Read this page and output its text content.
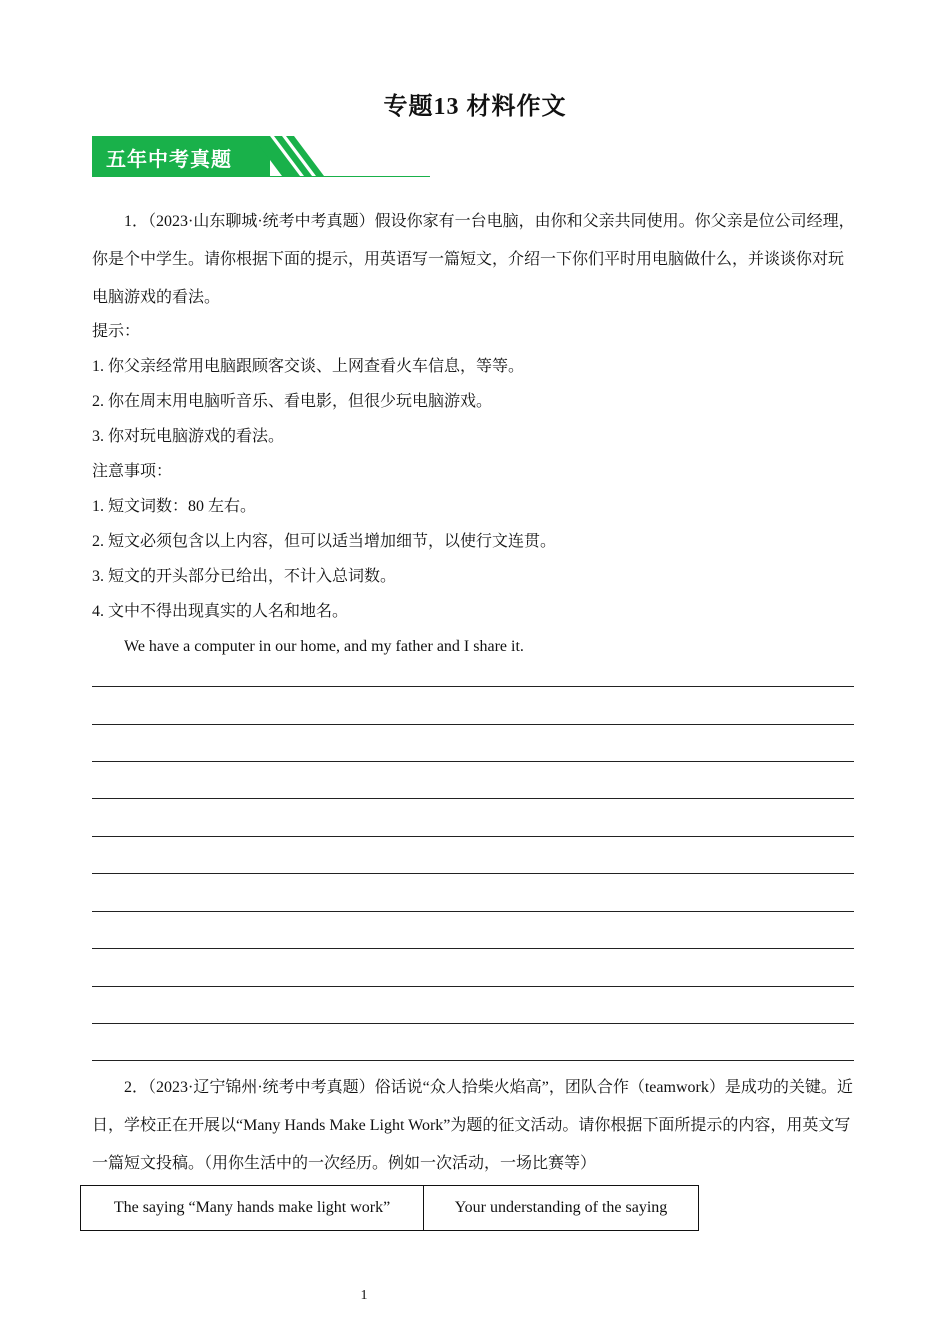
专题13 材料作文
五年中考真题
1．（2023·山东聊城·统考中考真题）假设你家有一台电脑，由你和父亲共同使用。你父亲是位公司经理，你是个中学生。请你根据下面的提示，用英语写一篇短文，介绍一下你们平时用电脑做什么，并谈谈你对玩电脑游戏的看法。
提示：
1. 你父亲经常用电脑跟顾客交谈、上网查看火车信息，等等。
2. 你在周末用电脑听音乐、看电影，但很少玩电脑游戏。
3. 你对玩电脑游戏的看法。
注意事项：
1. 短文词数：80 左右。
2. 短文必须包含以上内容，但可以适当增加细节，以使行文连贯。
3. 短文的开头部分已给出，不计入总词数。
4. 文中不得出现真实的人名和地名。
We have a computer in our home, and my father and I share it.
2．（2023·辽宁锦州·统考中考真题）俗话说“众人拾柴火焰高”，团队合作（teamwork）是成功的关键。近日，学校正在开展以“Many Hands Make Light Work”为题的征文活动。请你根据下面所提示的内容，用英文写一篇短文投稿。（用你生活中的一次经历。例如一次活动，一场比赛等）
The saying “Many hands make light work”	Your understanding of the saying
1
